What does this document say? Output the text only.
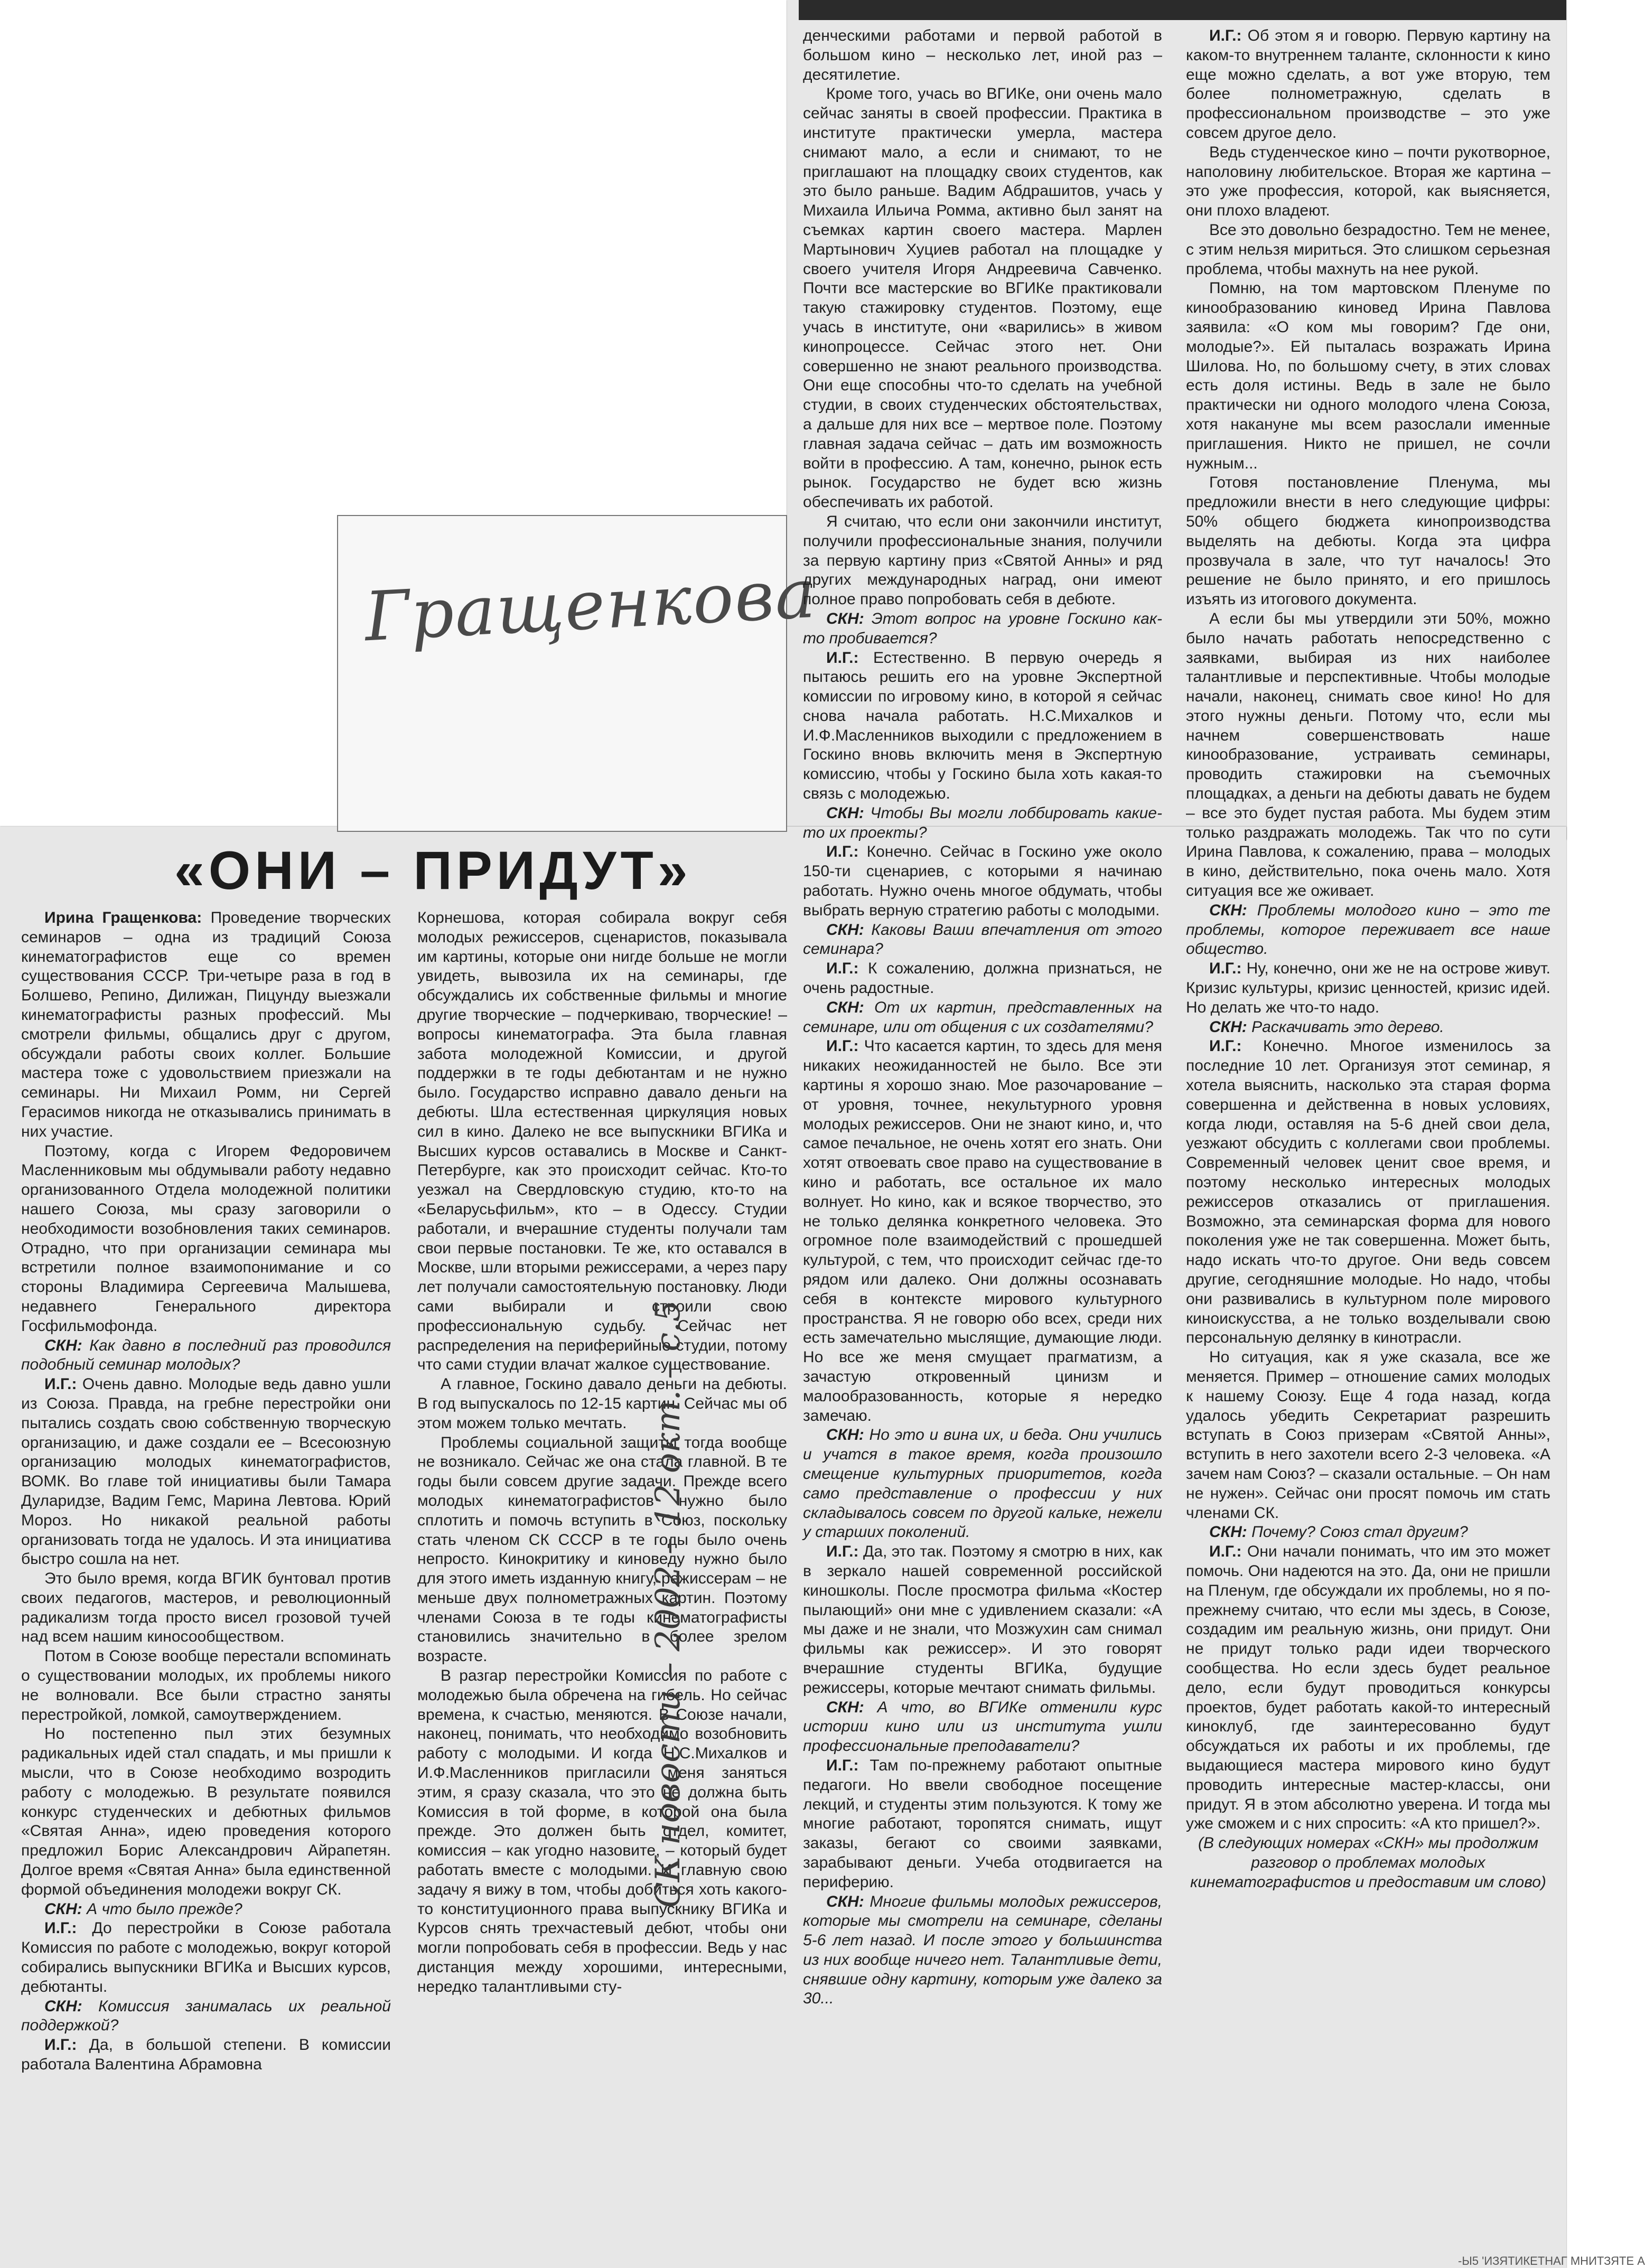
Гращенкова
«ОНИ – ПРИДУТ»

Ирина Гращенкова: Проведение творческих семинаров – одна из традиций Союза кинематографистов еще со времен существования СССР. Три-четыре раза в год в Болшево, Репино, Дилижан, Пицунду выезжали кинематографисты разных профессий. Мы смотрели фильмы, общались друг с другом, обсуждали работы своих коллег. Большие мастера тоже с удовольствием приезжали на семинары. Ни Михаил Ромм, ни Сергей Герасимов никогда не отказывались принимать в них участие.

Поэтому, когда с Игорем Федоровичем Масленниковым мы обдумывали работу недавно организованного Отдела молодежной политики нашего Союза, мы сразу заговорили о необходимости возобновления таких семинаров. Отрадно, что при организации семинара мы встретили полное взаимопонимание и со стороны Владимира Сергеевича Малышева, недавнего Генерального директора Госфильмофонда.

СКН: Как давно в последний раз проводился подобный семинар молодых?

И.Г.: Очень давно. Молодые ведь давно ушли из Союза. Правда, на гребне перестройки они пытались создать свою собственную творческую организацию, и даже создали ее – Всесоюзную организацию молодых кинематографистов, ВОМК. Во главе той инициативы были Тамара Дуларидзе, Вадим Гемс, Марина Левтова. Юрий Мороз. Но никакой реальной работы организовать тогда не удалось. И эта инициатива быстро сошла на нет.

Это было время, когда ВГИК бунтовал против своих педагогов, мастеров, и революционный радикализм тогда просто висел грозовой тучей над всем нашим киносообществом.

Потом в Союзе вообще перестали вспоминать о существовании молодых, их проблемы никого не волновали. Все были страстно заняты перестройкой, ломкой, самоутверждением.

Но постепенно пыл этих безумных радикальных идей стал спадать, и мы пришли к мысли, что в Союзе необходимо возродить работу с молодежью. В результате появился конкурс студенческих и дебютных фильмов «Святая Анна», идею проведения которого предложил Борис Александрович Айрапетян. Долгое время «Святая Анна» была единственной формой объединения молодежи вокруг СК.

СКН: А что было прежде?

И.Г.: До перестройки в Союзе работала Комиссия по работе с молодежью, вокруг которой собирались выпускники ВГИКа и Высших курсов, дебютанты.

СКН: Комиссия занималась их реальной поддержкой?

И.Г.: Да, в большой степени. В комиссии работала Валентина Абрамовна

Корнешова, которая собирала вокруг себя молодых режиссеров, сценаристов, показывала им картины, которые они нигде больше не могли увидеть, вывозила их на семинары, где обсуждались их собственные фильмы и многие другие творческие – подчеркиваю, творческие! – вопросы кинематографа. Эта была главная забота молодежной Комиссии, и другой поддержки в те годы дебютантам и не нужно было. Государство исправно давало деньги на дебюты. Шла естественная циркуляция новых сил в кино. Далеко не все выпускники ВГИКа и Высших курсов оставались в Москве и Санкт-Петербурге, как это происходит сейчас. Кто-то уезжал на Свердловскую студию, кто-то на «Беларусьфильм», кто – в Одессу. Студии работали, и вчерашние студенты получали там свои первые постановки. Те же, кто оставался в Москве, шли вторыми режиссерами, а через пару лет получали самостоятельную постановку. Люди сами выбирали и строили свою профессиональную судьбу. Сейчас нет распределения на периферийные студии, потому что сами студии влачат жалкое существование.

А главное, Госкино давало деньги на дебюты. В год выпускалось по 12-15 картин. Сейчас мы об этом можем только мечтать.

Проблемы социальной защиты тогда вообще не возникало. Сейчас же она стала главной. В те годы были совсем другие задачи. Прежде всего молодых кинематографистов нужно было сплотить и помочь вступить в Союз, поскольку стать членом СК СССР в те годы было очень непросто. Кинокритику и киноведу нужно было для этого иметь изданную книгу, режиссерам – не меньше двух полнометражных картин. Поэтому членами Союза в те годы кинематографисты становились значительно в более зрелом возрасте.

В разгар перестройки Комиссия по работе с молодежью была обречена на гибель. Но сейчас времена, к счастью, меняются. В Союзе начали, наконец, понимать, что необходимо возобновить работу с молодыми. И когда Н.С.Михалков и И.Ф.Масленников пригласили меня заняться этим, я сразу сказала, что это не должна быть Комиссия в той форме, в которой она была прежде. Это должен быть отдел, комитет, комиссия – как угодно назовите, – который будет работать вместе с молодыми. И главную свою задачу я вижу в том, чтобы добиться хоть какого-то конституционного права выпускнику ВГИКа и Курсов снять трехчастевый дебют, чтобы они могли попробовать себя в профессии. Ведь у нас дистанция между хорошими, интересными, нередко талантливыми сту-

денческими работами и первой работой в большом кино – несколько лет, иной раз – десятилетие.

Кроме того, учась во ВГИКе, они очень мало сейчас заняты в своей профессии. Практика в институте практически умерла, мастера снимают мало, а если и снимают, то не приглашают на площадку своих студентов, как это было раньше. Вадим Абдрашитов, учась у Михаила Ильича Ромма, активно был занят на съемках картин своего мастера. Марлен Мартынович Хуциев работал на площадке у своего учителя Игоря Андреевича Савченко. Почти все мастерские во ВГИКе практиковали такую стажировку студентов. Поэтому, еще учась в институте, они «варились» в живом кинопроцессе. Сейчас этого нет. Они совершенно не знают реального производства. Они еще способны что-то сделать на учебной студии, в своих студенческих обстоятельствах, а дальше для них все – мертвое поле. Поэтому главная задача сейчас – дать им возможность войти в профессию. А там, конечно, рынок есть рынок. Государство не будет всю жизнь обеспечивать их работой.

Я считаю, что если они закончили институт, получили профессиональные знания, получили за первую картину приз «Святой Анны» и ряд других международных наград, они имеют полное право попробовать себя в дебюте.

СКН: Этот вопрос на уровне Госкино как-то пробивается?

И.Г.: Естественно. В первую очередь я пытаюсь решить его на уровне Экспертной комиссии по игровому кино, в которой я сейчас снова начала работать. Н.С.Михалков и И.Ф.Масленников выходили с предложением в Госкино вновь включить меня в Экспертную комиссию, чтобы у Госкино была хоть какая-то связь с молодежью.

СКН: Чтобы Вы могли лоббировать какие-то их проекты?

И.Г.: Конечно. Сейчас в Госкино уже около 150-ти сценариев, с которыми я начинаю работать. Нужно очень многое обдумать, чтобы выбрать верную стратегию работы с молодыми.

СКН: Каковы Ваши впечатления от этого семинара?

И.Г.: К сожалению, должна признаться, не очень радостные.

СКН: От их картин, представленных на семинаре, или от общения с их создателями?

И.Г.: Что касается картин, то здесь для меня никаких неожиданностей не было. Все эти картины я хорошо знаю. Мое разочарование – от уровня, точнее, некультурного уровня молодых режиссеров. Они не знают кино, и, что самое печальное, не очень хотят его знать. Они хотят отвоевать свое право на существование в кино и работать, все остальное их мало волнует. Но кино, как и всякое творчество, это не только делянка конкретного человека. Это огромное поле взаимодействий с прошедшей культурой, с тем, что происходит сейчас где-то рядом или далеко. Они должны осознавать себя в контексте мирового культурного пространства. Я не говорю обо всех, среди них есть замечательно мыслящие, думающие люди. Но все же меня смущает прагматизм, а зачастую откровенный цинизм и малообразованность, которые я нередко замечаю.

СКН: Но это и вина их, и беда. Они учились и учатся в такое время, когда произошло смещение культурных приоритетов, когда само представление о профессии у них складывалось совсем по другой кальке, нежели у старших поколений.

И.Г.: Да, это так. Поэтому я смотрю в них, как в зеркало нашей современной российской киношколы. После просмотра фильма «Костер пылающий» они мне с удивлением сказали: «А мы даже и не знали, что Мозжухин сам снимал фильмы как режиссер». И это говорят вчерашние студенты ВГИКа, будущие режиссеры, которые мечтают снимать фильмы.

СКН: А что, во ВГИКе отменили курс истории кино или из института ушли профессиональные преподаватели?

И.Г.: Там по-прежнему работают опытные педагоги. Но ввели свободное посещение лекций, и студенты этим пользуются. К тому же многие работают, торопятся снимать, ищут заказы, бегают со своими заявками, зарабывают деньги. Учеба отодвигается на периферию.

СКН: Многие фильмы молодых режиссеров, которые мы смотрели на семинаре, сделаны 5-6 лет назад. И после этого у большинства из них вообще ничего нет. Талантливые дети, снявшие одну картину, которым уже далеко за 30...

И.Г.: Об этом я и говорю. Первую картину на каком-то внутреннем таланте, склонности к кино еще можно сделать, а вот уже вторую, тем более полнометражную, сделать в профессиональном производстве – это уже совсем другое дело.

Ведь студенческое кино – почти рукотворное, наполовину любительское. Вторая же картина – это уже профессия, которой, как выясняется, они плохо владеют.

Все это довольно безрадостно. Тем не менее, с этим нельзя мириться. Это слишком серьезная проблема, чтобы махнуть на нее рукой.

Помню, на том мартовском Пленуме по кинообразованию киновед Ирина Павлова заявила: «О ком мы говорим? Где они, молодые?». Ей пыталась возражать Ирина Шилова. Но, по большому счету, в этих словах есть доля истины. Ведь в зале не было практически ни одного молодого члена Союза, хотя накануне мы всем разослали именные приглашения. Никто не пришел, не сочли нужным...

Готовя постановление Пленума, мы предложили внести в него следующие цифры: 50% общего бюджета кинопроизводства выделять на дебюты. Когда эта цифра прозвучала в зале, что тут началось! Это решение не было принято, и его пришлось изъять из итогового документа.

А если бы мы утвердили эти 50%, можно было начать работать непосредственно с заявками, выбирая из них наиболее талантливые и перспективные. Чтобы молодые начали, наконец, снимать свое кино! Но для этого нужны деньги. Потому что, если мы начнем совершенствовать наше кинообразование, устраивать семинары, проводить стажировки на съемочных площадках, а деньги на дебюты давать не будем – все это будет пустая работа. Мы будем этим только раздражать молодежь. Так что по сути Ирина Павлова, к сожалению, права – молодых в кино, действительно, пока очень мало. Хотя ситуация все же оживает.

СКН: Проблемы молодого кино – это те проблемы, которое переживает все наше общество.

И.Г.: Ну, конечно, они же не на острове живут. Кризис культуры, кризис ценностей, кризис идей. Но делать же что-то надо.

СКН: Раскачивать это дерево.

И.Г.: Конечно. Многое изменилось за последние 10 лет. Организуя этот семинар, я хотела выяснить, насколько эта старая форма совершенна и действенна в новых условиях, когда люди, оставляя на 5-6 дней свои дела, уезжают обсудить с коллегами свои проблемы. Современный человек ценит свое время, и поэтому несколько интересных молодых режиссеров отказались от приглашения. Возможно, эта семинарская форма для нового поколения уже не так совершенна. Может быть, надо искать что-то другое. Они ведь совсем другие, сегодняшние молодые. Но надо, чтобы они развивались в культурном поле мирового киноискусства, а не только возделывали свою персональную делянку в кинотрасли.

Но ситуация, как я уже сказала, все же меняется. Пример – отношение самих молодых к нашему Союзу. Еще 4 года назад, когда удалось убедить Секретариат разрешить вступать в Союз призерам «Святой Анны», вступить в него захотели всего 2-3 человека. «А зачем нам Союз? – сказали остальные. – Он нам не нужен». Сейчас они просят помочь им стать членами СК.

СКН: Почему? Союз стал другим?

И.Г.: Они начали понимать, что им это может помочь. Они надеются на это. Да, они не пришли на Пленум, где обсуждали их проблемы, но я по-прежнему считаю, что если мы здесь, в Союзе, создадим им реальную жизнь, они придут. Они не придут только ради идеи творческого сообщества. Но если здесь будет реальное дело, если будут проводиться конкурсы проектов, будет работать какой-то интересный киноклуб, где заинтересованно будут обсуждаться их работы и их проблемы, где выдающиеся мастера мирового кино будут проводить интересные мастер-классы, они придут. Я в этом абсолютно уверена. И тогда мы уже сможем и с них спросить: «А кто пришел?».

(В следующих номерах «СКН» мы продолжим разговор о проблемах молодых кинематографистов и предоставим им слово)

СК новости – 2002 – 12 окт. – с.5
-Ы5 'ИЗЯТИКЕТНАГ МНИТЗЯТЕ А
